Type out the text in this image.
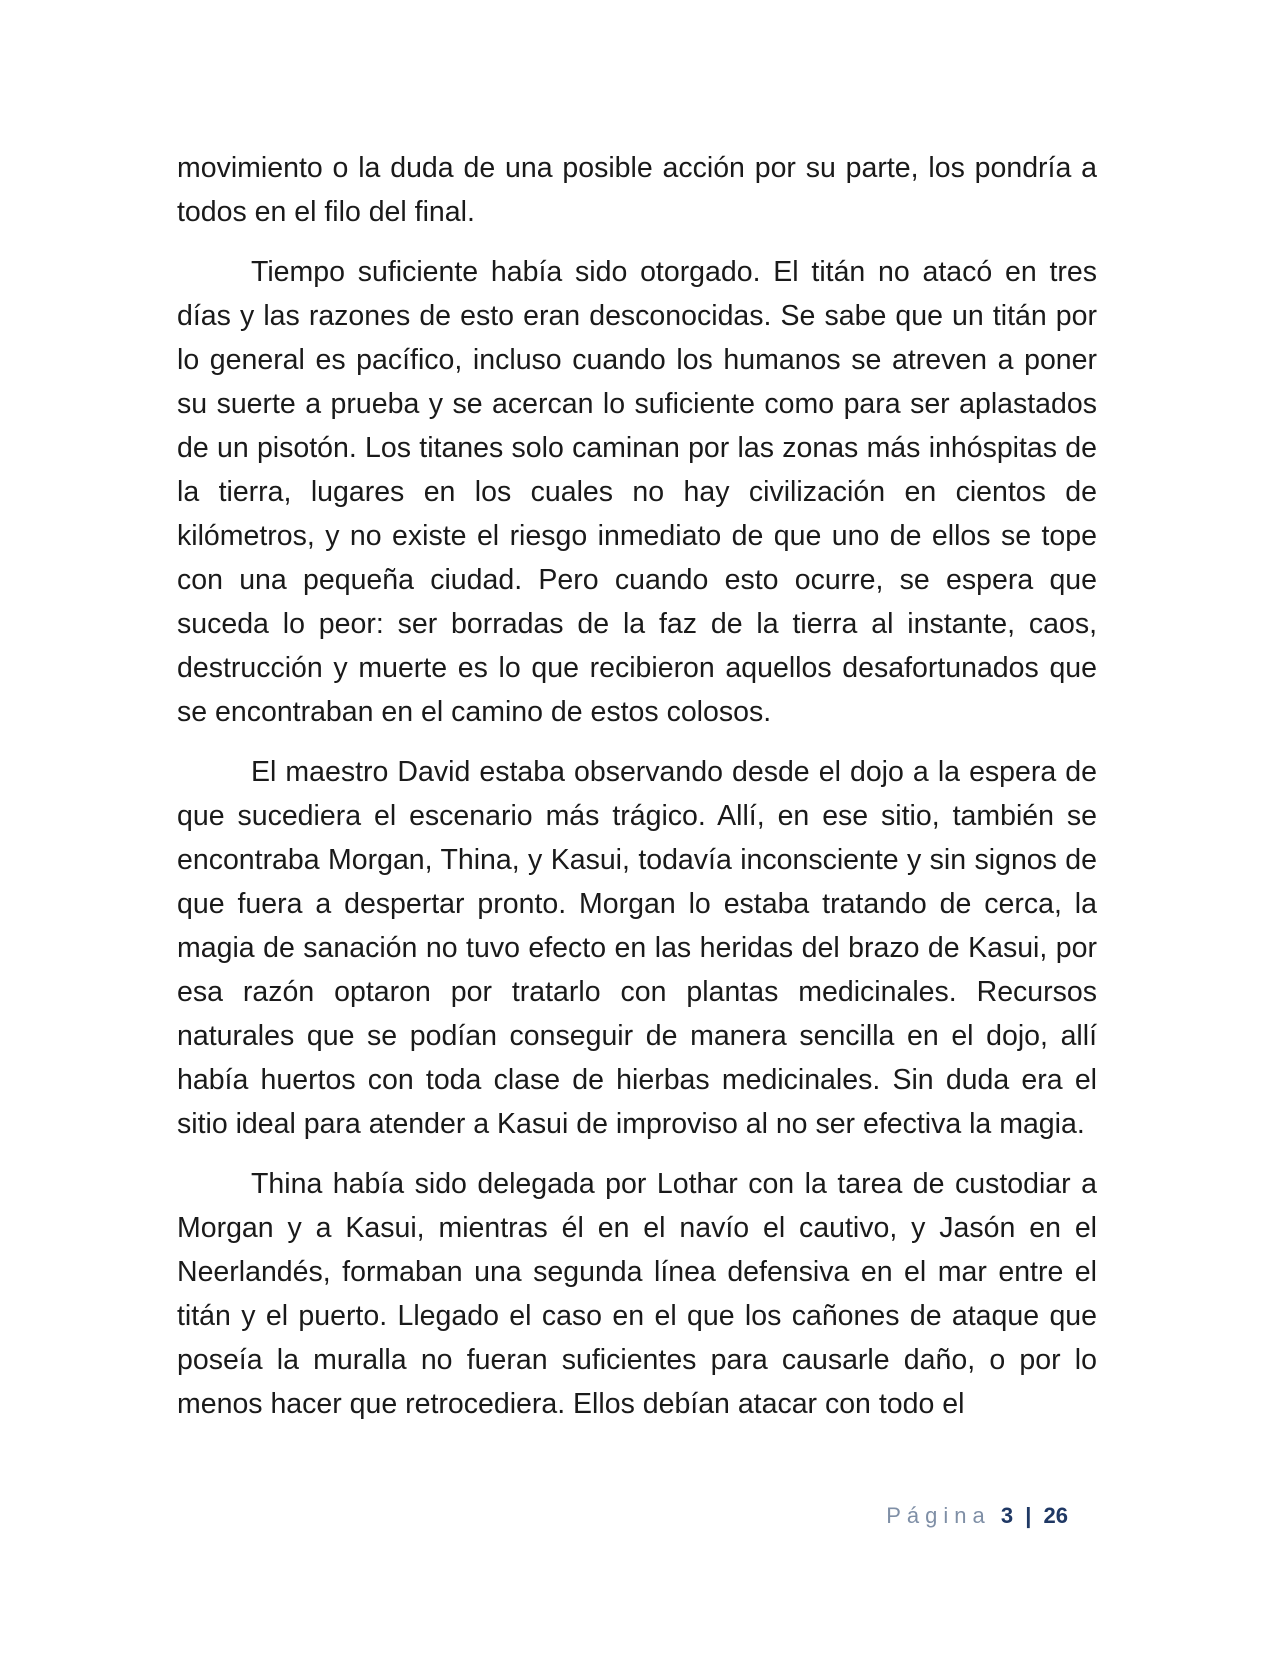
movimiento o la duda de una posible acción por su parte, los pondría a todos en el filo del final.

Tiempo suficiente había sido otorgado. El titán no atacó en tres días y las razones de esto eran desconocidas. Se sabe que un titán por lo general es pacífico, incluso cuando los humanos se atreven a poner su suerte a prueba y se acercan lo suficiente como para ser aplastados de un pisotón. Los titanes solo caminan por las zonas más inhóspitas de la tierra, lugares en los cuales no hay civilización en cientos de kilómetros, y no existe el riesgo inmediato de que uno de ellos se tope con una pequeña ciudad. Pero cuando esto ocurre, se espera que suceda lo peor: ser borradas de la faz de la tierra al instante, caos, destrucción y muerte es lo que recibieron aquellos desafortunados que se encontraban en el camino de estos colosos.

El maestro David estaba observando desde el dojo a la espera de que sucediera el escenario más trágico. Allí, en ese sitio, también se encontraba Morgan, Thina, y Kasui, todavía inconsciente y sin signos de que fuera a despertar pronto. Morgan lo estaba tratando de cerca, la magia de sanación no tuvo efecto en las heridas del brazo de Kasui, por esa razón optaron por tratarlo con plantas medicinales. Recursos naturales que se podían conseguir de manera sencilla en el dojo, allí había huertos con toda clase de hierbas medicinales. Sin duda era el sitio ideal para atender a Kasui de improviso al no ser efectiva la magia.

Thina había sido delegada por Lothar con la tarea de custodiar a Morgan y a Kasui, mientras él en el navío el cautivo, y Jasón en el Neerlandés, formaban una segunda línea defensiva en el mar entre el titán y el puerto. Llegado el caso en el que los cañones de ataque que poseía la muralla no fueran suficientes para causarle daño, o por lo menos hacer que retrocediera. Ellos debían atacar con todo el

Página 3 | 26
